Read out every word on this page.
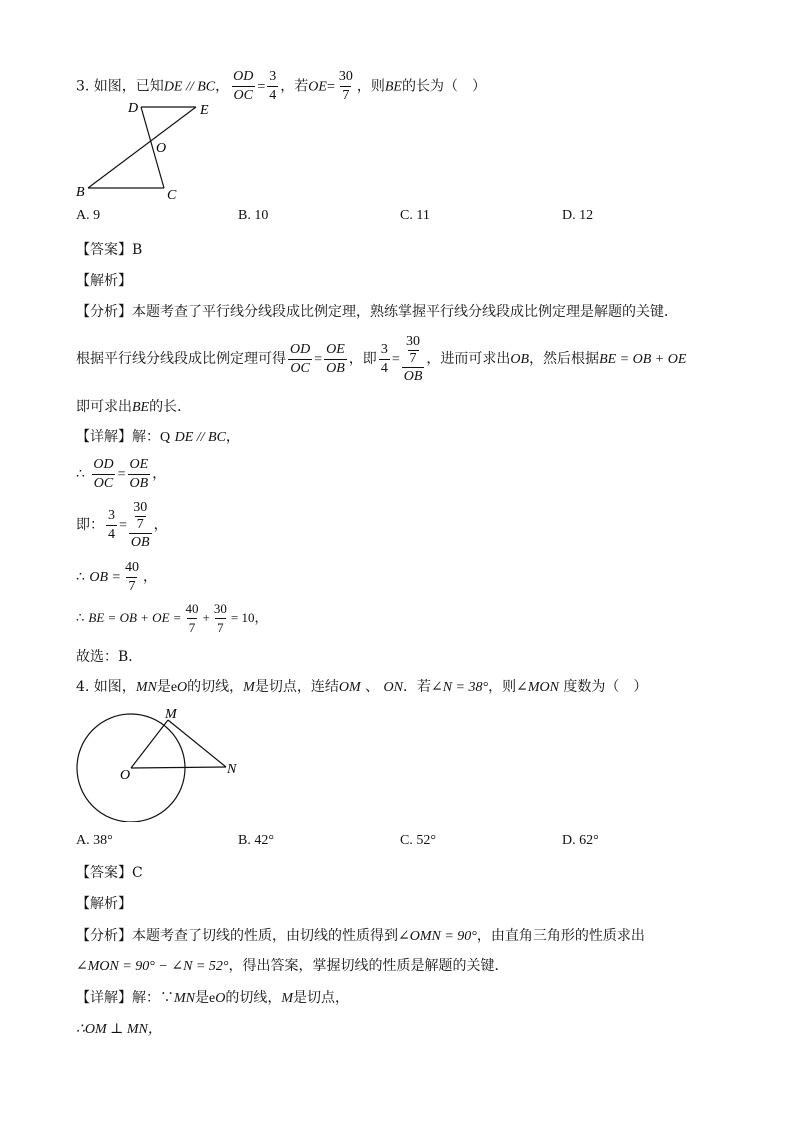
3. 如图，已知DE // BC， $\frac{OD}{OC} = \frac{3}{4}$ ，若$OE= \frac{30}{7}$ ，则BE的长为（　）
D	E
O
B	C
A. 9	B. 10	C. 11	D. 12
【答案】B
【解析】
【分析】本题考查了平行线分线段成比例定理，熟练掌握平行线分线段成比例定理是解题的关键．
根据平行线分线段成比例定理可得 $\frac{OD}{OC} = \frac{OE}{OB}$ ，即 $\frac{3}{4} = \frac{\frac{30}{7}}{OB}$ ，进而可求出OB，然后根据BE = OB + OE
即可求出BE的长．
【详解】解：Q DE // BC，
∴ $\frac{OD}{OC} = \frac{OE}{OB}$ ，
即： $\frac{3}{4} = \frac{\frac{30}{7}}{OB}$ ，
∴ OB = $\frac{40}{7}$ ，
∴ BE = OB + OE = $\frac{40}{7} + \frac{30}{7} = 10$，
故选：B．
4. 如图，MN是eO的切线，M是切点，连结OM 、 ON．若∠N = 38°，则∠MON 度数为（　）
M
O	N
A. 38°	B. 42°	C. 52°	D. 62°
【答案】C
【解析】
【分析】本题考查了切线的性质，由切线的性质得到∠OMN = 90°，由直角三角形的性质求出
∠MON = 90° − ∠N = 52°，得出答案，掌握切线的性质是解题的关键．
【详解】解：∵MN是eO的切线，M是切点，
∴OM ⊥ MN，
